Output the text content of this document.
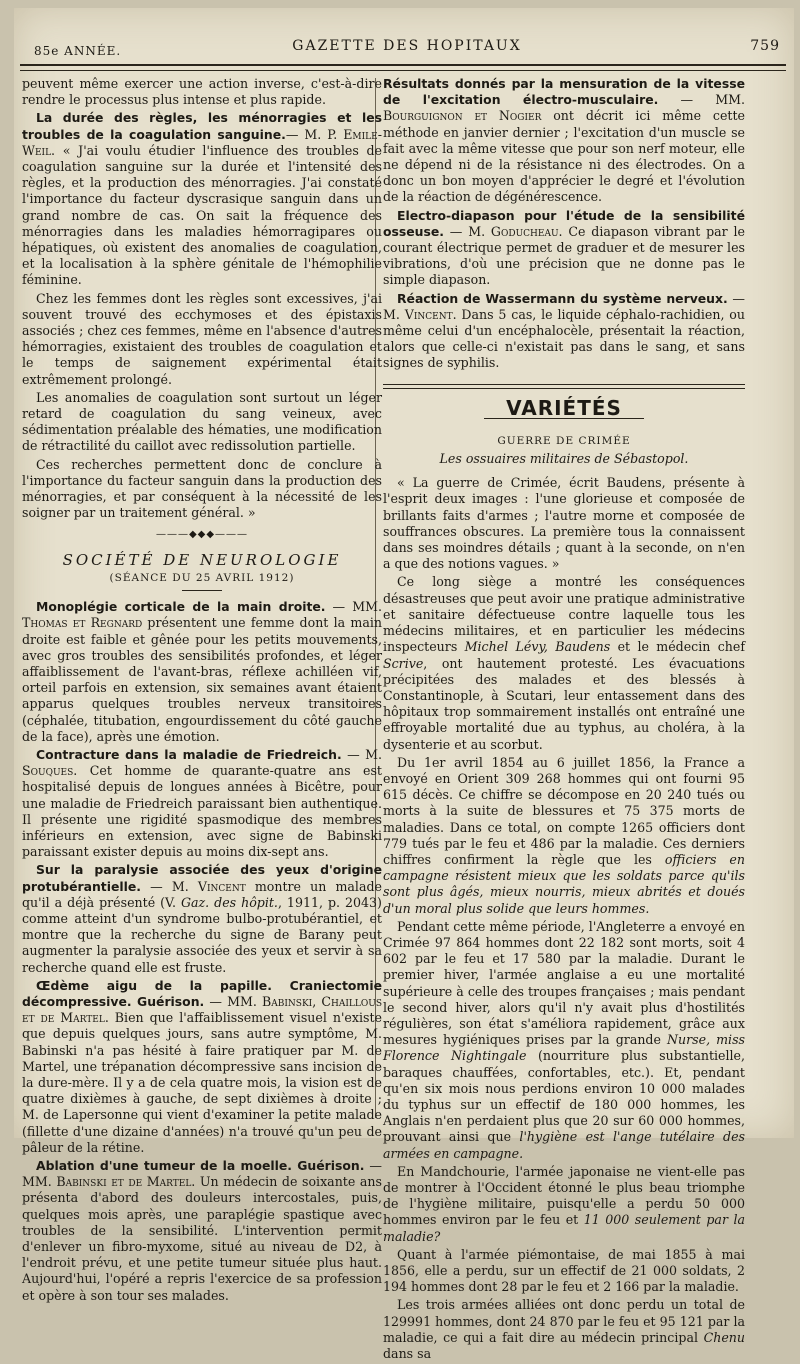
85e ANNÉE.	GAZETTE DES HOPITAUX	759

peuvent même exercer une action inverse, c'est-à-dire rendre le processus plus intense et plus rapide.

La durée des règles, les ménorragies et les troubles de la coagulation sanguine.— M. P. Emile-Weil. « J'ai voulu étudier l'influence des troubles de coagulation sanguine sur la durée et l'intensité des règles, et la production des ménorragies. J'ai constaté l'importance du facteur dyscrasique sanguin dans un grand nombre de cas. On sait la fréquence des ménorragies dans les maladies hémorragipares ou hépatiques, où existent des anomalies de coagulation, et la localisation à la sphère génitale de l'hémophilie féminine.

Chez les femmes dont les règles sont excessives, j'ai souvent trouvé des ecchymoses et des épistaxis associés ; chez ces femmes, même en l'absence d'autres hémorragies, existaient des troubles de coagulation et le temps de saignement expérimental était extrêmement prolongé.

Les anomalies de coagulation sont surtout un léger retard de coagulation du sang veineux, avec sédimentation préalable des hématies, une modification de rétractilité du caillot avec redissolution partielle.

Ces recherches permettent donc de conclure à l'importance du facteur sanguin dans la production des ménorragies, et par conséquent à la nécessité de les soigner par un traitement général. »

———◆◆◆———
SOCIÉTÉ DE NEUROLOGIE
(SÉANCE DU 25 AVRIL 1912)

Monoplégie corticale de la main droite. — MM. Thomas et Regnard présentent une femme dont la main droite est faible et gênée pour les petits mouvements, avec gros troubles des sensibilités profondes, et léger affaiblissement de l'avant-bras, réflexe achilléen vif, orteil parfois en extension, six semaines avant étaient apparus quelques troubles nerveux transitoires (céphalée, titubation, engourdissement du côté gauche de la face), après une émotion.

Contracture dans la maladie de Friedreich. — M. Souques. Cet homme de quarante-quatre ans est hospitalisé depuis de longues années à Bicêtre, pour une maladie de Friedreich paraissant bien authentique. Il présente une rigidité spasmodique des membres inférieurs en extension, avec signe de Babinski paraissant exister depuis au moins dix-sept ans.

Sur la paralysie associée des yeux d'origine protubérantielle. — M. Vincent montre un malade qu'il a déjà présenté (V. Gaz. des hôpit., 1911, p. 2043) comme atteint d'un syndrome bulbo-protubérantiel, et montre que la recherche du signe de Barany peut augmenter la paralysie associée des yeux et servir à sa recherche quand elle est fruste.

Œdème aigu de la papille. Craniectomie décompressive. Guérison. — MM. Babinski, Chaillous et de Martel. Bien que l'affaiblissement visuel n'existe que depuis quelques jours, sans autre symptôme, M. Babinski n'a pas hésité à faire pratiquer par M. de Martel, une trépanation décompressive sans incision de la dure-mère. Il y a de cela quatre mois, la vision est de quatre dixièmes à gauche, de sept dixièmes à droite ; M. de Lapersonne qui vient d'examiner la petite malade (fillette d'une dizaine d'années) n'a trouvé qu'un peu de pâleur de la rétine.

Ablation d'une tumeur de la moelle. Guérison. — MM. Babinski et de Martel. Un médecin de soixante ans présenta d'abord des douleurs intercostales, puis, quelques mois après, une paraplégie spastique avec troubles de la sensibilité. L'intervention permit d'enlever un fibro-myxome, situé au niveau de D2, à l'endroit prévu, et une petite tumeur située plus haut. Aujourd'hui, l'opéré a repris l'exercice de sa profession et opère à son tour ses malades.

Résultats donnés par la mensuration de la vitesse de l'excitation électro-musculaire. — MM. Bourguignon et Nogier ont décrit ici même cette méthode en janvier dernier ; l'excitation d'un muscle se fait avec la même vitesse que pour son nerf moteur, elle ne dépend ni de la résistance ni des électrodes. On a donc un bon moyen d'apprécier le degré et l'évolution de la réaction de dégénérescence.

Electro-diapason pour l'étude de la sensibilité osseuse. — M. Goducheau. Ce diapason vibrant par le courant électrique permet de graduer et de mesurer les vibrations, d'où une précision que ne donne pas le simple diapason.

Réaction de Wassermann du système nerveux. — M. Vincent. Dans 5 cas, le liquide céphalo-rachidien, ou même celui d'un encéphalocèle, présentait la réaction, alors que celle-ci n'existait pas dans le sang, et sans signes de syphilis.

VARIÉTÉS
GUERRE DE CRIMÉE
Les ossuaires militaires de Sébastopol.

« La guerre de Crimée, écrit Baudens, présente à l'esprit deux images : l'une glorieuse et composée de brillants faits d'armes ; l'autre morne et composée de souffrances obscures. La première tous la connaissent dans ses moindres détails ; quant à la seconde, on n'en a que des notions vagues. »

Ce long siège a montré les conséquences désastreuses que peut avoir une pratique administrative et sanitaire défectueuse contre laquelle tous les médecins militaires, et en particulier les médecins inspecteurs Michel Lévy, Baudens et le médecin chef Scrive, ont hautement protesté. Les évacuations précipitées des malades et des blessés à Constantinople, à Scutari, leur entassement dans des hôpitaux trop sommairement installés ont entraîné une effroyable mortalité due au typhus, au choléra, à la dysenterie et au scorbut.

Du 1er avril 1854 au 6 juillet 1856, la France a envoyé en Orient 309 268 hommes qui ont fourni 95 615 décès. Ce chiffre se décompose en 20 240 tués ou morts à la suite de blessures et 75 375 morts de maladies. Dans ce total, on compte 1265 officiers dont 779 tués par le feu et 486 par la maladie. Ces derniers chiffres confirment la règle que les officiers en campagne résistent mieux que les soldats parce qu'ils sont plus âgés, mieux nourris, mieux abrités et doués d'un moral plus solide que leurs hommes.

Pendant cette même période, l'Angleterre a envoyé en Crimée 97 864 hommes dont 22 182 sont morts, soit 4 602 par le feu et 17 580 par la maladie. Durant le premier hiver, l'armée anglaise a eu une mortalité supérieure à celle des troupes françaises ; mais pendant le second hiver, alors qu'il n'y avait plus d'hostilités régulières, son état s'améliora rapidement, grâce aux mesures hygiéniques prises par la grande Nurse, miss Florence Nightingale (nourriture plus substantielle, baraques chauffées, confortables, etc.). Et, pendant qu'en six mois nous perdions environ 10 000 malades du typhus sur un effectif de 180 000 hommes, les Anglais n'en perdaient plus que 20 sur 60 000 hommes, prouvant ainsi que l'hygiène est l'ange tutélaire des armées en campagne.

En Mandchourie, l'armée japonaise ne vient-elle pas de montrer à l'Occident étonné le plus beau triomphe de l'hygiène militaire, puisqu'elle a perdu 50 000 hommes environ par le feu et 11 000 seulement par la maladie?

Quant à l'armée piémontaise, de mai 1855 à mai 1856, elle a perdu, sur un effectif de 21 000 soldats, 2 194 hommes dont 28 par le feu et 2 166 par la maladie.

Les trois armées alliées ont donc perdu un total de 129991 hommes, dont 24 870 par le feu et 95 121 par la maladie, ce qui a fait dire au médecin principal Chenu dans sa
